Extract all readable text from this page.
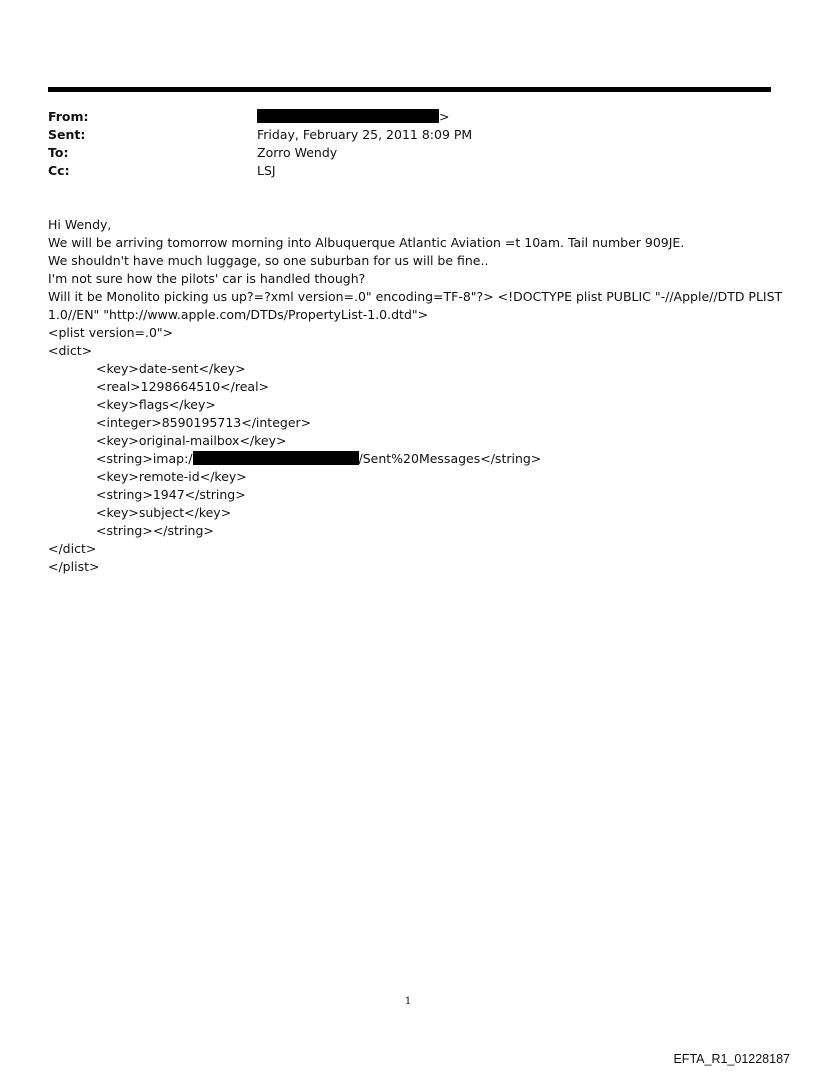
From:	>
Sent:	Friday, February 25, 2011 8:09 PM
To:	Zorro Wendy
Cc:	LSJ
Hi Wendy,
We will be arriving tomorrow morning into Albuquerque Atlantic Aviation =t 10am. Tail number 909JE.
We shouldn't have much luggage, so one suburban for us will be fine..
I'm not sure how the pilots' car is handled though?
Will it be Monolito picking us up?=?xml version=.0" encoding=TF-8"?> <!DOCTYPE plist PUBLIC "-//Apple//DTD PLIST
1.0//EN" "http://www.apple.com/DTDs/PropertyList-1.0.dtd">
<plist version=.0">
<dict>
<key>date-sent</key>
<real>1298664510</real>
<key>flags</key>
<integer>8590195713</integer>
<key>original-mailbox</key>
<string>imap:/	/Sent%20Messages</string>
<key>remote-id</key>
<string>1947</string>
<key>subject</key>
<string></string>
</dict>
</plist>
1
EFTA_R1_01228187
